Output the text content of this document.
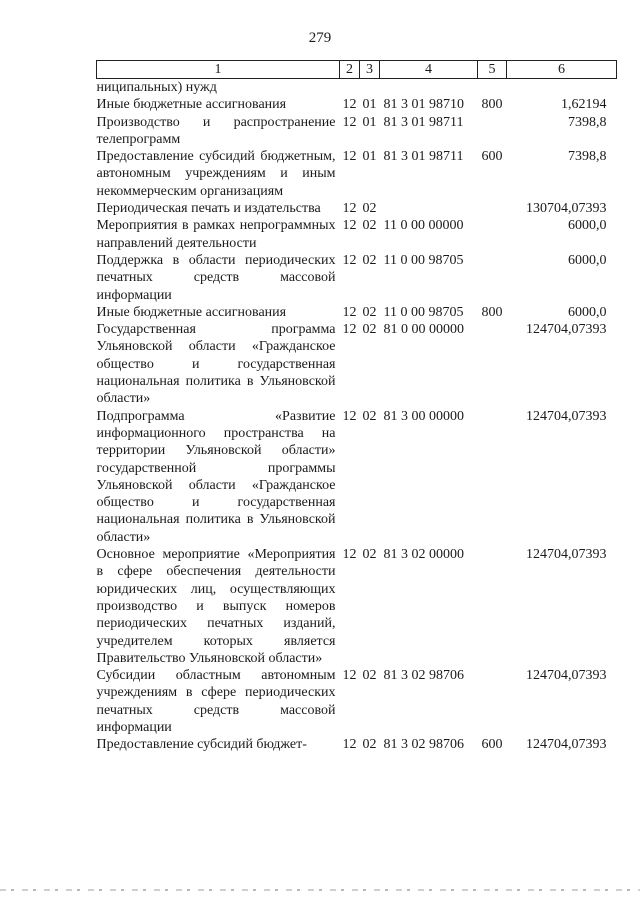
279
1	2	3	4	5	6
ниципальных) нужд					
Иные бюджетные ассигнования	12	01	81 3 01 98710	800	1,62194
Производство и распространение телепрограмм	12	01	81 3 01 98711		7398,8
Предоставление субсидий бюджетным, автономным учреждениям и иным некоммерческим организациям	12	01	81 3 01 98711	600	7398,8
Периодическая печать и издательства	12	02			130704,07393
Мероприятия в рамках непрограммных направлений деятельности	12	02	11 0 00 00000		6000,0
Поддержка в области периодических печатных средств массовой информации	12	02	11 0 00 98705		6000,0
Иные бюджетные ассигнования	12	02	11 0 00 98705	800	6000,0
Государственная программа Ульяновской области «Гражданское общество и государственная национальная политика в Ульяновской области»	12	02	81 0 00 00000		124704,07393
Подпрограмма «Развитие информационного пространства на территории Ульяновской области» государственной программы Ульяновской области «Гражданское общество и государственная национальная политика в Ульяновской области»	12	02	81 3 00 00000		124704,07393
Основное мероприятие «Мероприятия в сфере обеспечения деятельности юридических лиц, осуществляющих производство и выпуск номеров периодических печатных изданий, учредителем которых является Правительство Ульяновской области»	12	02	81 3 02 00000		124704,07393
Субсидии областным автономным учреждениям в сфере периодических печатных средств массовой информации	12	02	81 3 02 98706		124704,07393
Предоставление субсидий бюджет-	12	02	81 3 02 98706	600	124704,07393
